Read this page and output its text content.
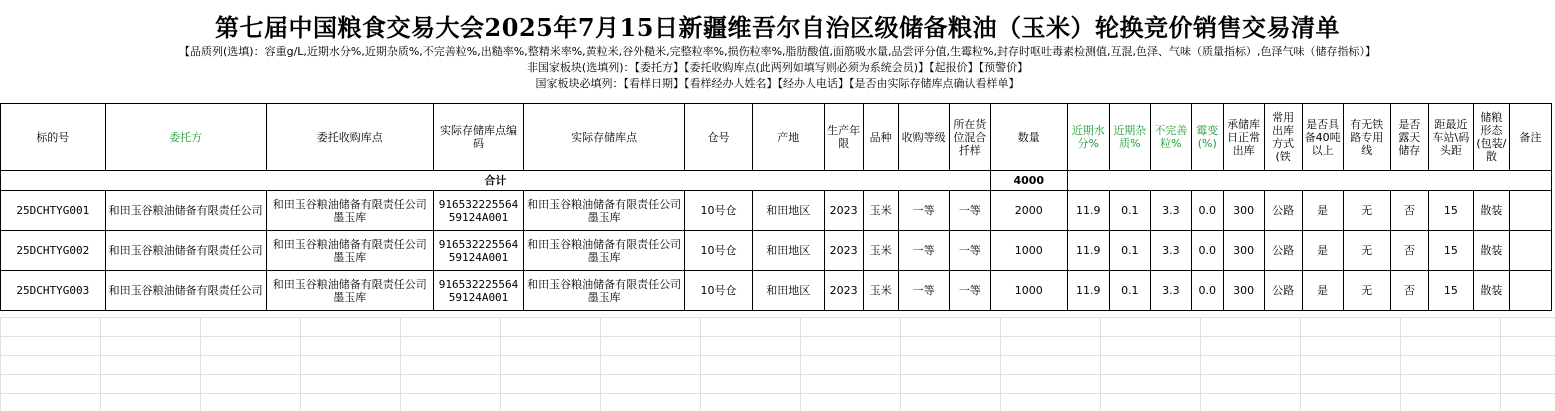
第七届中国粮食交易大会2025年7月15日新疆维吾尔自治区级储备粮油（玉米）轮换竞价销售交易清单
【品质列(选填)：容重g/L,近期水分%,近期杂质%,不完善粒%,出糙率%,整精米率%,黄粒米,谷外糙米,完整粒率%,损伤粒率%,脂肪酸值,面筋吸水量,品尝评分值,生霉粒%,封存时呕吐毒素检测值,互混,色泽、气味（质量指标）,色泽气味（储存指标）】
非国家板块(选填列)：【委托方】【委托收购库点(此两列如填写则必须为系统会员)】【起报价】【预警价】
国家板块必填列：【看样日期】【看样经办人姓名】【经办人电话】【是否由实际存储库点确认看样单】
标的号	委托方	委托收购库点	实际存储库点编码	实际存储库点	仓号	产地	生产年限	品种	收购等级	所在货位混合扦样	数量	近期水分%	近期杂质%	不完善粒%	霉变(%)	承储库日正常出库	常用出库方式(铁	是否具备40吨以上	有无铁路专用线	是否露天储存	距最近车站\码头距	储粮形态(包装/散	备注
合计											4000												
25DCHTYG001	和田玉谷粮油储备有限责任公司	和田玉谷粮油储备有限责任公司墨玉库	916532225564 59124A001	和田玉谷粮油储备有限责任公司墨玉库	10号仓	和田地区	2023	玉米	一等	一等	2000	11.9	0.1	3.3	0.0	300	公路	是	无	否	15	散装	
25DCHTYG002	和田玉谷粮油储备有限责任公司	和田玉谷粮油储备有限责任公司墨玉库	916532225564 59124A001	和田玉谷粮油储备有限责任公司墨玉库	10号仓	和田地区	2023	玉米	一等	一等	1000	11.9	0.1	3.3	0.0	300	公路	是	无	否	15	散装	
25DCHTYG003	和田玉谷粮油储备有限责任公司	和田玉谷粮油储备有限责任公司墨玉库	916532225564 59124A001	和田玉谷粮油储备有限责任公司墨玉库	10号仓	和田地区	2023	玉米	一等	一等	1000	11.9	0.1	3.3	0.0	300	公路	是	无	否	15	散装	
